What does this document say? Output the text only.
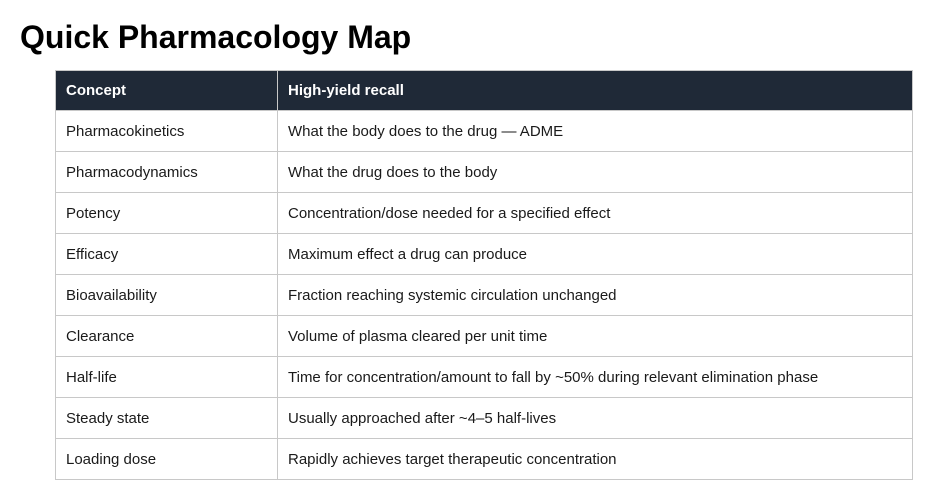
Quick Pharmacology Map
Concept	High-yield recall
Pharmacokinetics	What the body does to the drug — ADME
Pharmacodynamics	What the drug does to the body
Potency	Concentration/dose needed for a specified effect
Efficacy	Maximum effect a drug can produce
Bioavailability	Fraction reaching systemic circulation unchanged
Clearance	Volume of plasma cleared per unit time
Half-life	Time for concentration/amount to fall by ~50% during relevant elimination phase
Steady state	Usually approached after ~4–5 half-lives
Loading dose	Rapidly achieves target therapeutic concentration
